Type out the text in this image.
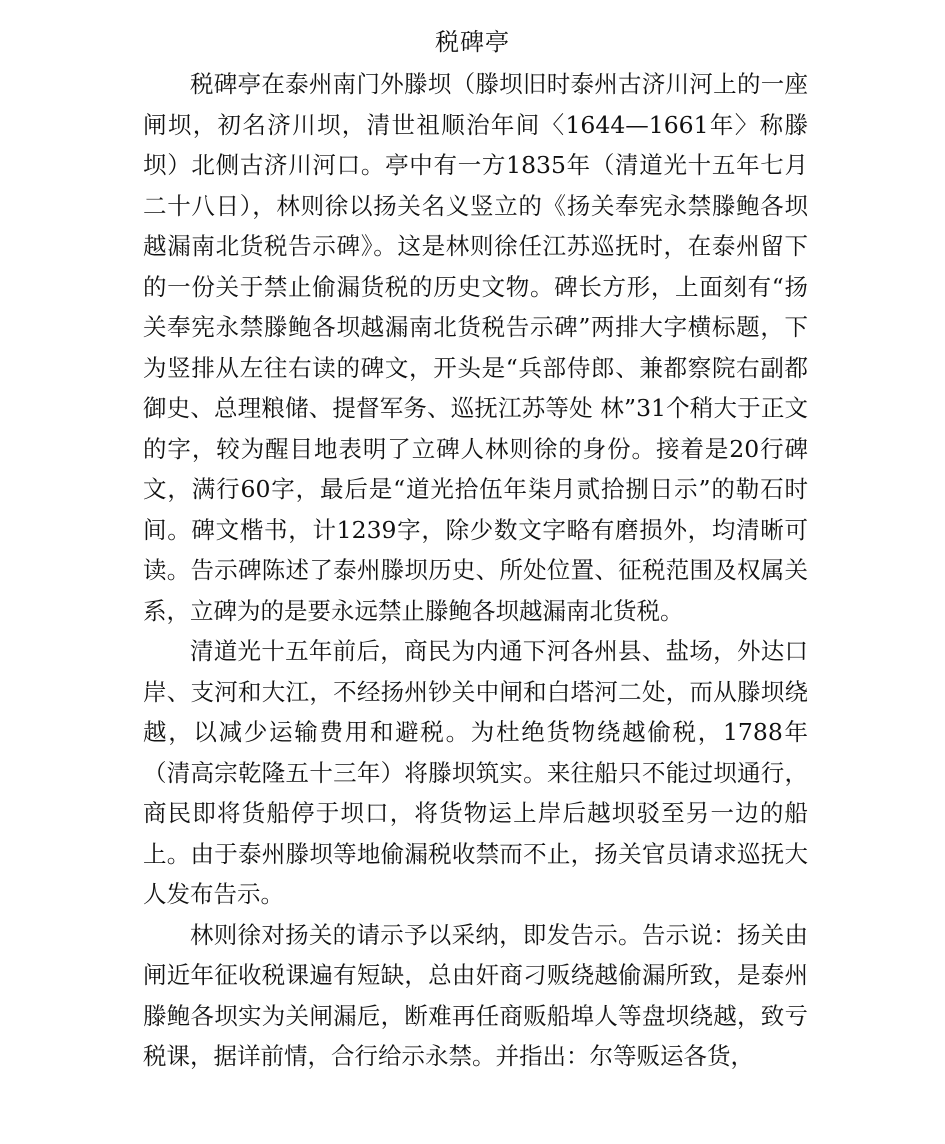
税碑亭

税碑亭在泰州南门外滕坝（滕坝旧时泰州古济川河上的一座闸坝，初名济川坝，清世祖顺治年间〈1644—1661年〉称滕坝）北侧古济川河口。亭中有一方1835年（清道光十五年七月二十八日），林则徐以扬关名义竖立的《扬关奉宪永禁滕鲍各坝越漏南北货税告示碑》。这是林则徐任江苏巡抚时，在泰州留下的一份关于禁止偷漏货税的历史文物。碑长方形，上面刻有“扬关奉宪永禁滕鲍各坝越漏南北货税告示碑”两排大字横标题，下为竖排从左往右读的碑文，开头是“兵部侍郎、兼都察院右副都御史、总理粮储、提督军务、巡抚江苏等处 林”31个稍大于正文的字，较为醒目地表明了立碑人林则徐的身份。接着是20行碑文，满行60字，最后是“道光拾伍年柒月贰拾捌日示”的勒石时间。碑文楷书，计1239字，除少数文字略有磨损外，均清晰可读。告示碑陈述了泰州滕坝历史、所处位置、征税范围及权属关系，立碑为的是要永远禁止滕鲍各坝越漏南北货税。

清道光十五年前后，商民为内通下河各州县、盐场，外达口岸、支河和大江，不经扬州钞关中闸和白塔河二处，而从滕坝绕越，以减少运输费用和避税。为杜绝货物绕越偷税，1788年（清高宗乾隆五十三年）将滕坝筑实。来往船只不能过坝通行，商民即将货船停于坝口，将货物运上岸后越坝驳至另一边的船上。由于泰州滕坝等地偷漏税收禁而不止，扬关官员请求巡抚大人发布告示。

林则徐对扬关的请示予以采纳，即发告示。告示说：扬关由闸近年征收税课遍有短缺，总由奸商刁贩绕越偷漏所致，是泰州滕鲍各坝实为关闸漏卮，断难再任商贩船埠人等盘坝绕越，致亏税课，据详前情，合行给示永禁。并指出：尔等贩运各货，
